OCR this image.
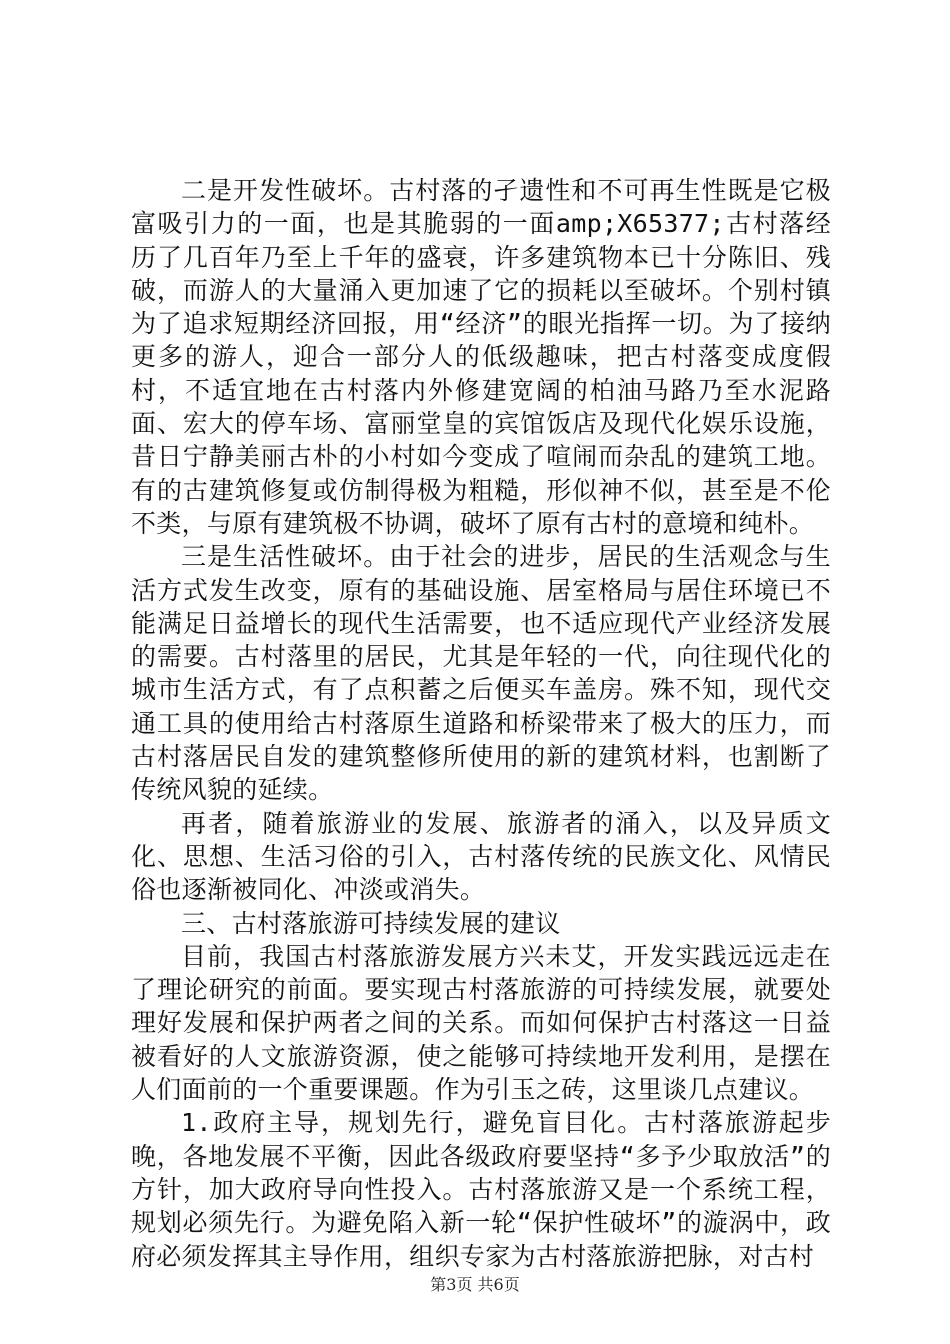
二是开发性破坏。古村落的孑遗性和不可再生性既是它极富吸引力的一面，也是其脆弱的一面amp;X65377;古村落经历了几百年乃至上千年的盛衰，许多建筑物本已十分陈旧、残破，而游人的大量涌入更加速了它的损耗以至破坏。个别村镇为了追求短期经济回报，用“经济”的眼光指挥一切。为了接纳更多的游人，迎合一部分人的低级趣味，把古村落变成度假村，不适宜地在古村落内外修建宽阔的柏油马路乃至水泥路面、宏大的停车场、富丽堂皇的宾馆饭店及现代化娱乐设施，昔日宁静美丽古朴的小村如今变成了喧闹而杂乱的建筑工地。有的古建筑修复或仿制得极为粗糙，形似神不似，甚至是不伦不类，与原有建筑极不协调，破坏了原有古村的意境和纯朴。

三是生活性破坏。由于社会的进步，居民的生活观念与生活方式发生改变，原有的基础设施、居室格局与居住环境已不能满足日益增长的现代生活需要，也不适应现代产业经济发展的需要。古村落里的居民，尤其是年轻的一代，向往现代化的城市生活方式，有了点积蓄之后便买车盖房。殊不知，现代交通工具的使用给古村落原生道路和桥梁带来了极大的压力，而古村落居民自发的建筑整修所使用的新的建筑材料，也割断了传统风貌的延续。

再者，随着旅游业的发展、旅游者的涌入，以及异质文化、思想、生活习俗的引入，古村落传统的民族文化、风情民俗也逐渐被同化、冲淡或消失。

三、古村落旅游可持续发展的建议

目前，我国古村落旅游发展方兴未艾，开发实践远远走在了理论研究的前面。要实现古村落旅游的可持续发展，就要处理好发展和保护两者之间的关系。而如何保护古村落这一日益被看好的人文旅游资源，使之能够可持续地开发利用，是摆在人们面前的一个重要课题。作为引玉之砖，这里谈几点建议。

1.政府主导，规划先行，避免盲目化。古村落旅游起步晚，各地发展不平衡，因此各级政府要坚持“多予少取放活”的方针，加大政府导向性投入。古村落旅游又是一个系统工程，规划必须先行。为避免陷入新一轮“保护性破坏”的漩涡中，政府必须发挥其主导作用，组织专家为古村落旅游把脉，对古村

第3页 共6页
